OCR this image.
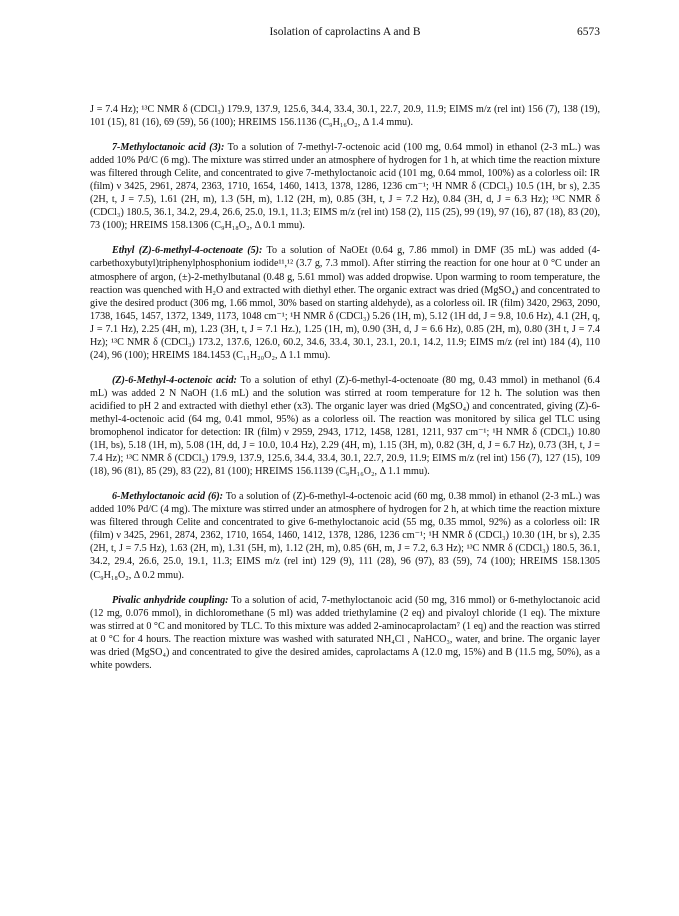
Isolation of caprolactins A and B	6573

J = 7.4 Hz); ¹³C NMR δ (CDCl₃) 179.9, 137.9, 125.6, 34.4, 33.4, 30.1, 22.7, 20.9, 11.9; EIMS m/z (rel int) 156 (7), 138 (19), 101 (15), 81 (16), 69 (59), 56 (100); HREIMS 156.1136 (C₉H₁₆O₂, Δ 1.4 mmu).

7-Methyloctanoic acid (3): To a solution of 7-methyl-7-octenoic acid (100 mg, 0.64 mmol) in ethanol (2-3 mL.) was added 10% Pd/C (6 mg). The mixture was stirred under an atmosphere of hydrogen for 1 h, at which time the reaction mixture was filtered through Celite, and concentrated to give 7-methyloctanoic acid (101 mg, 0.64 mmol, 100%) as a colorless oil: IR (film) ν 3425, 2961, 2874, 2363, 1710, 1654, 1460, 1413, 1378, 1286, 1236 cm⁻¹; ¹H NMR δ (CDCl₃) 10.5 (1H, br s), 2.35 (2H, t, J = 7.5), 1.61 (2H, m), 1.3 (5H, m), 1.12 (2H, m), 0.85 (3H, t, J = 7.2 Hz), 0.84 (3H, d, J = 6.3 Hz); ¹³C NMR δ (CDCl₃) 180.5, 36.1, 34.2, 29.4, 26.6, 25.0, 19.1, 11.3; EIMS m/z (rel int) 158 (2), 115 (25), 99 (19), 97 (16), 87 (18), 83 (20), 73 (100); HREIMS 158.1306 (C₉H₁₈O₂, Δ 0.1 mmu).

Ethyl (Z)-6-methyl-4-octenoate (5): To a solution of NaOEt (0.64 g, 7.86 mmol) in DMF (35 mL) was added (4-carbethoxybutyl)triphenylphosphonium iodide¹¹,¹² (3.7 g, 7.3 mmol). After stirring the reaction for one hour at 0 °C under an atmosphere of argon, (±)-2-methylbutanal (0.48 g, 5.61 mmol) was added dropwise. Upon warming to room temperature, the reaction was quenched with H₂O and extracted with diethyl ether. The organic extract was dried (MgSO₄) and concentrated to give the desired product (306 mg, 1.66 mmol, 30% based on starting aldehyde), as a colorless oil. IR (film) 3420, 2963, 2090, 1738, 1645, 1457, 1372, 1349, 1173, 1048 cm⁻¹; ¹H NMR δ (CDCl₃) 5.26 (1H, m), 5.12 (1H dd, J = 9.8, 10.6 Hz), 4.1 (2H, q, J = 7.1 Hz), 2.25 (4H, m), 1.23 (3H, t, J = 7.1 Hz.), 1.25 (1H, m), 0.90 (3H, d, J = 6.6 Hz), 0.85 (2H, m), 0.80 (3H t, J = 7.4 Hz); ¹³C NMR δ (CDCl₃) 173.2, 137.6, 126.0, 60.2, 34.6, 33.4, 30.1, 23.1, 20.1, 14.2, 11.9; EIMS m/z (rel int) 184 (4), 110 (24), 96 (100); HREIMS 184.1453 (C₁₁H₂₀O₂, Δ 1.1 mmu).

(Z)-6-Methyl-4-octenoic acid: To a solution of ethyl (Z)-6-methyl-4-octenoate (80 mg, 0.43 mmol) in methanol (6.4 mL) was added 2 N NaOH (1.6 mL) and the solution was stirred at room temperature for 12 h. The solution was then acidified to pH 2 and extracted with diethyl ether (x3). The organic layer was dried (MgSO₄) and concentrated, giving (Z)-6-methyl-4-octenoic acid (64 mg, 0.41 mmol, 95%) as a colorless oil. The reaction was monitored by silica gel TLC using bromophenol indicator for detection: IR (film) ν 2959, 2943, 1712, 1458, 1281, 1211, 937 cm⁻¹; ¹H NMR δ (CDCl₃) 10.80 (1H, bs), 5.18 (1H, m), 5.08 (1H, dd, J = 10.0, 10.4 Hz), 2.29 (4H, m), 1.15 (3H, m), 0.82 (3H, d, J = 6.7 Hz), 0.73 (3H, t, J = 7.4 Hz); ¹³C NMR δ (CDCl₃) 179.9, 137.9, 125.6, 34.4, 33.4, 30.1, 22.7, 20.9, 11.9; EIMS m/z (rel int) 156 (7), 127 (15), 109 (18), 96 (81), 85 (29), 83 (22), 81 (100); HREIMS 156.1139 (C₉H₁₆O₂, Δ 1.1 mmu).

6-Methyloctanoic acid (6): To a solution of (Z)-6-methyl-4-octenoic acid (60 mg, 0.38 mmol) in ethanol (2-3 mL.) was added 10% Pd/C (4 mg). The mixture was stirred under an atmosphere of hydrogen for 2 h, at which time the reaction mixture was filtered through Celite and concentrated to give 6-methyloctanoic acid (55 mg, 0.35 mmol, 92%) as a colorless oil: IR (film) ν 3425, 2961, 2874, 2362, 1710, 1654, 1460, 1412, 1378, 1286, 1236 cm⁻¹; ¹H NMR δ (CDCl₃) 10.30 (1H, br s), 2.35 (2H, t, J = 7.5 Hz), 1.63 (2H, m), 1.31 (5H, m), 1.12 (2H, m), 0.85 (6H, m, J = 7.2, 6.3 Hz); ¹³C NMR δ (CDCl₃) 180.5, 36.1, 34.2, 29.4, 26.6, 25.0, 19.1, 11.3; EIMS m/z (rel int) 129 (9), 111 (28), 96 (97), 83 (59), 74 (100); HREIMS 158.1305 (C₉H₁₈O₂, Δ 0.2 mmu).

Pivalic anhydride coupling: To a solution of acid, 7-methyloctanoic acid (50 mg, 316 mmol) or 6-methyloctanoic acid (12 mg, 0.076 mmol), in dichloromethane (5 ml) was added triethylamine (2 eq) and pivaloyl chloride (1 eq). The mixture was stirred at 0 °C and monitored by TLC. To this mixture was added 2-aminocaprolactam⁷ (1 eq) and the reaction was stirred at 0 °C for 4 hours. The reaction mixture was washed with saturated NH₄Cl , NaHCO₃, water, and brine. The organic layer was dried (MgSO₄) and concentrated to give the desired amides, caprolactams A (12.0 mg, 15%) and B (11.5 mg, 50%), as a white powders.
